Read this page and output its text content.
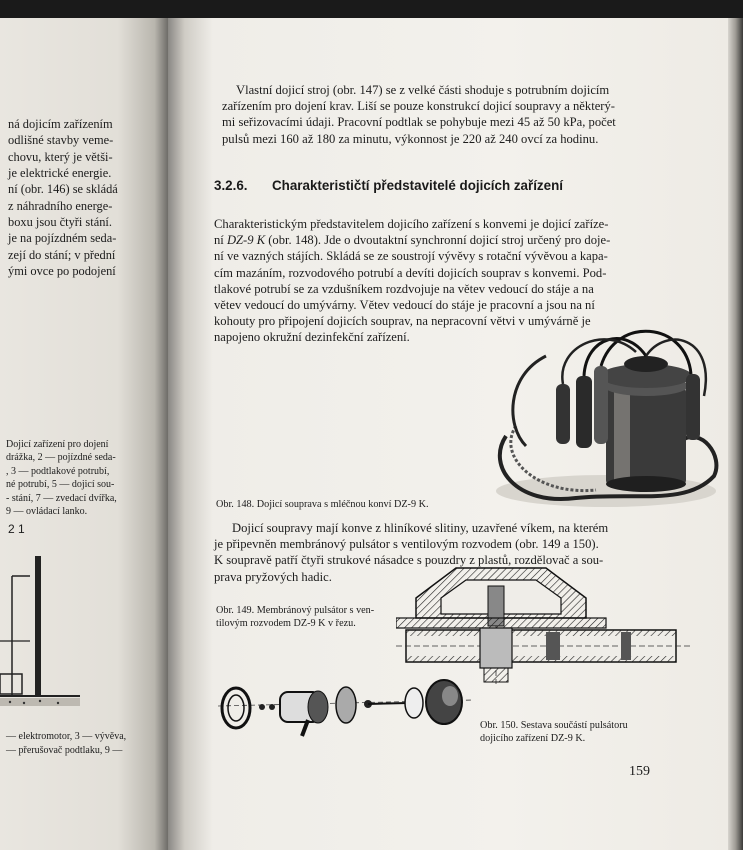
ná dojicím zařízením
odlišné stavby veme-
chovu, který je větši-
je elektrické energie.
ní (obr. 146) se skládá
z náhradního energe-
boxu jsou čtyři stání.
je na pojízdném seda-
zejí do stání; v přední
ými ovce po podojení
Dojicí zařízení pro dojení
drážka, 2 — pojízdné seda-
, 3 — podtlakové potrubí,
né potrubí, 5 — dojicí sou-
- stání, 7 — zvedací dvířka,
9 — ovládací lanko.
2 1
— elektromotor, 3 — vývěva,
— přerušovač podtlaku, 9 —

Vlastní dojicí stroj (obr. 147) se z velké části shoduje s potrubním dojicím
zařízením pro dojení krav. Liší se pouze konstrukcí dojicí soupravy a některý-
mi seřizovacími údaji. Pracovní podtlak se pohybuje mezi 45 až 50 kPa, počet
pulsů mezi 160 až 180 za minutu, výkonnost je 220 až 240 ovcí za hodinu.

3.2.6. Charakterističtí představitelé dojicích zařízení

Charakteristickým představitelem dojicího zařízení s konvemi je dojicí zaříze-
ní DZ-9 K (obr. 148). Jde o dvoutaktní synchronní dojicí stroj určený pro doje-
ní ve vazných stájích. Skládá se ze soustrojí vývěvy s rotační vývěvou a kapa-
cím mazáním, rozvodového potrubí a devíti dojicích souprav s konvemi. Pod-
tlakové potrubí se za vzdušníkem rozdvojuje na větev vedoucí do stáje a na
větev vedoucí do umývárny. Větev vedoucí do stáje je pracovní a jsou na ní
kohouty pro připojení dojicích souprav, na nepracovní větvi v umývárně je
napojeno okružní dezinfekční zařízení.

Obr. 148. Dojicí souprava s mléčnou konví DZ-9 K.

Dojicí soupravy mají konve z hliníkové slitiny, uzavřené víkem, na kterém
je připevněn membránový pulsátor s ventilovým rozvodem (obr. 149 a 150).
K soupravě patří čtyři strukové násadce s pouzdry z plastů, rozdělovač a sou-
prava pryžových hadic.

Obr. 149. Membránový pulsátor s ven-
tilovým rozvodem DZ-9 K v řezu.
Obr. 150. Sestava součástí pulsátoru
dojicího zařízení DZ-9 K.
159
